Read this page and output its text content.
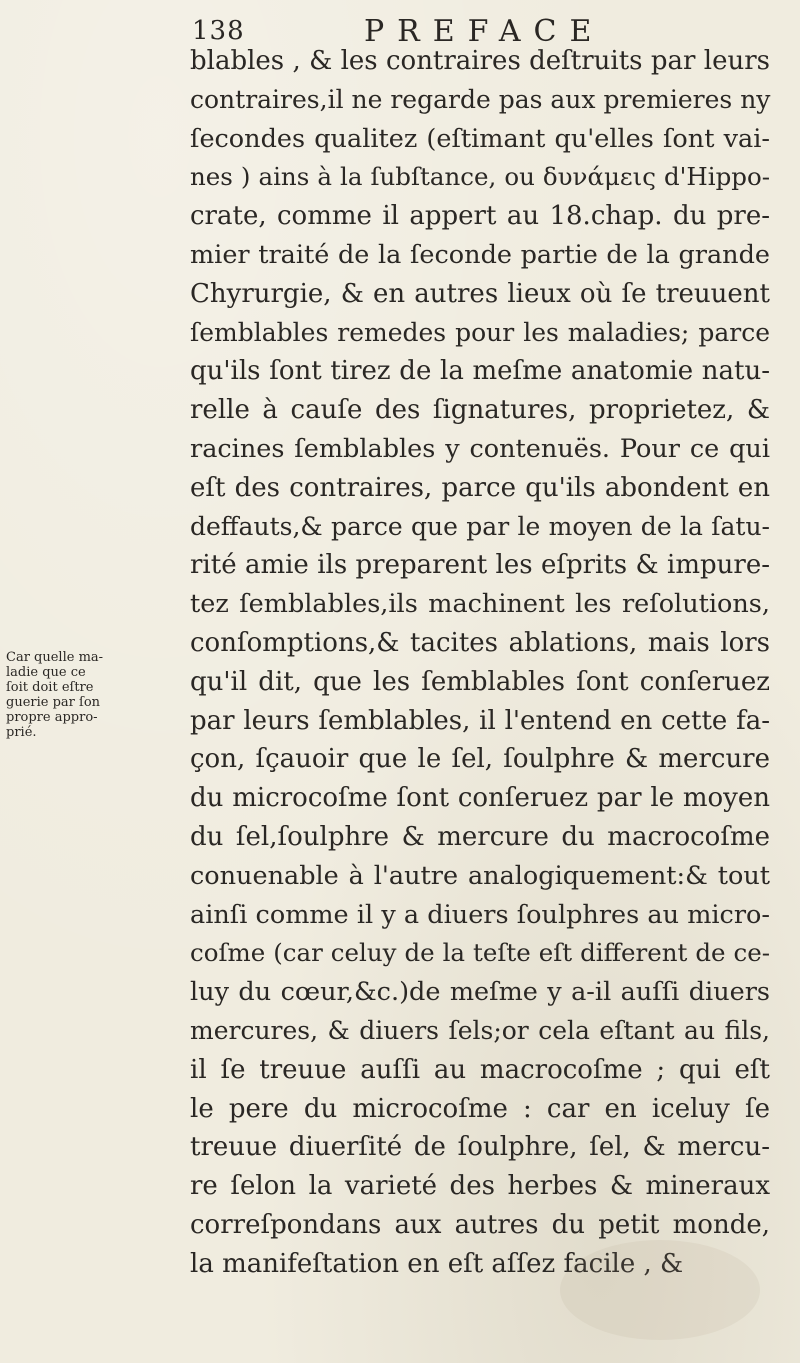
138	PREFACE
Car quelle ma-
ladie que ce
ſoit doit eſtre
guerie par ſon
propre appro-
prié.
blables , & les contraires deſtruits par leurs
contraires,il ne regarde pas aux premieres ny
ſecondes qualitez (eſtimant qu'elles ſont vai-
nes ) ains à la ſubſtance, ou δυνάμεις d'Hippo-
crate, comme il appert au 18.chap. du pre-
mier traité de la ſeconde partie de la grande
Chyrurgie, & en autres lieux où ſe treuuent
ſemblables remedes pour les maladies; parce
qu'ils ſont tirez de la meſme anatomie natu-
relle à cauſe des ſignatures, proprietez, &
racines ſemblables y contenuës. Pour ce qui
eſt des contraires, parce qu'ils abondent en
deffauts,& parce que par le moyen de la ſatu-
rité amie ils preparent les eſprits & impure-
tez ſemblables,ils machinent les reſolutions,
conſomptions,& tacites ablations, mais lors
qu'il dit, que les ſemblables ſont conſeruez
par leurs ſemblables, il l'entend en cette fa-
çon, ſçauoir que le ſel, ſoulphre & mercure
du microcoſme ſont conſeruez par le moyen
du ſel,ſoulphre & mercure du macrocoſme
conuenable à l'autre analogiquement:& tout
ainſi comme il y a diuers ſoulphres au micro-
coſme (car celuy de la teſte eſt different de ce-
luy du cœur,&c.)de meſme y a-il auſſi diuers
mercures, & diuers ſels;or cela eſtant au fils,
il ſe treuue auſſi au macrocoſme ; qui eſt
le pere du microcoſme : car en iceluy ſe
treuue diuerſité de ſoulphre, ſel, & mercu-
re ſelon la varieté des herbes & mineraux
correſpondans aux autres du petit monde,
la manifeſtation en eſt aſſez facile , &
